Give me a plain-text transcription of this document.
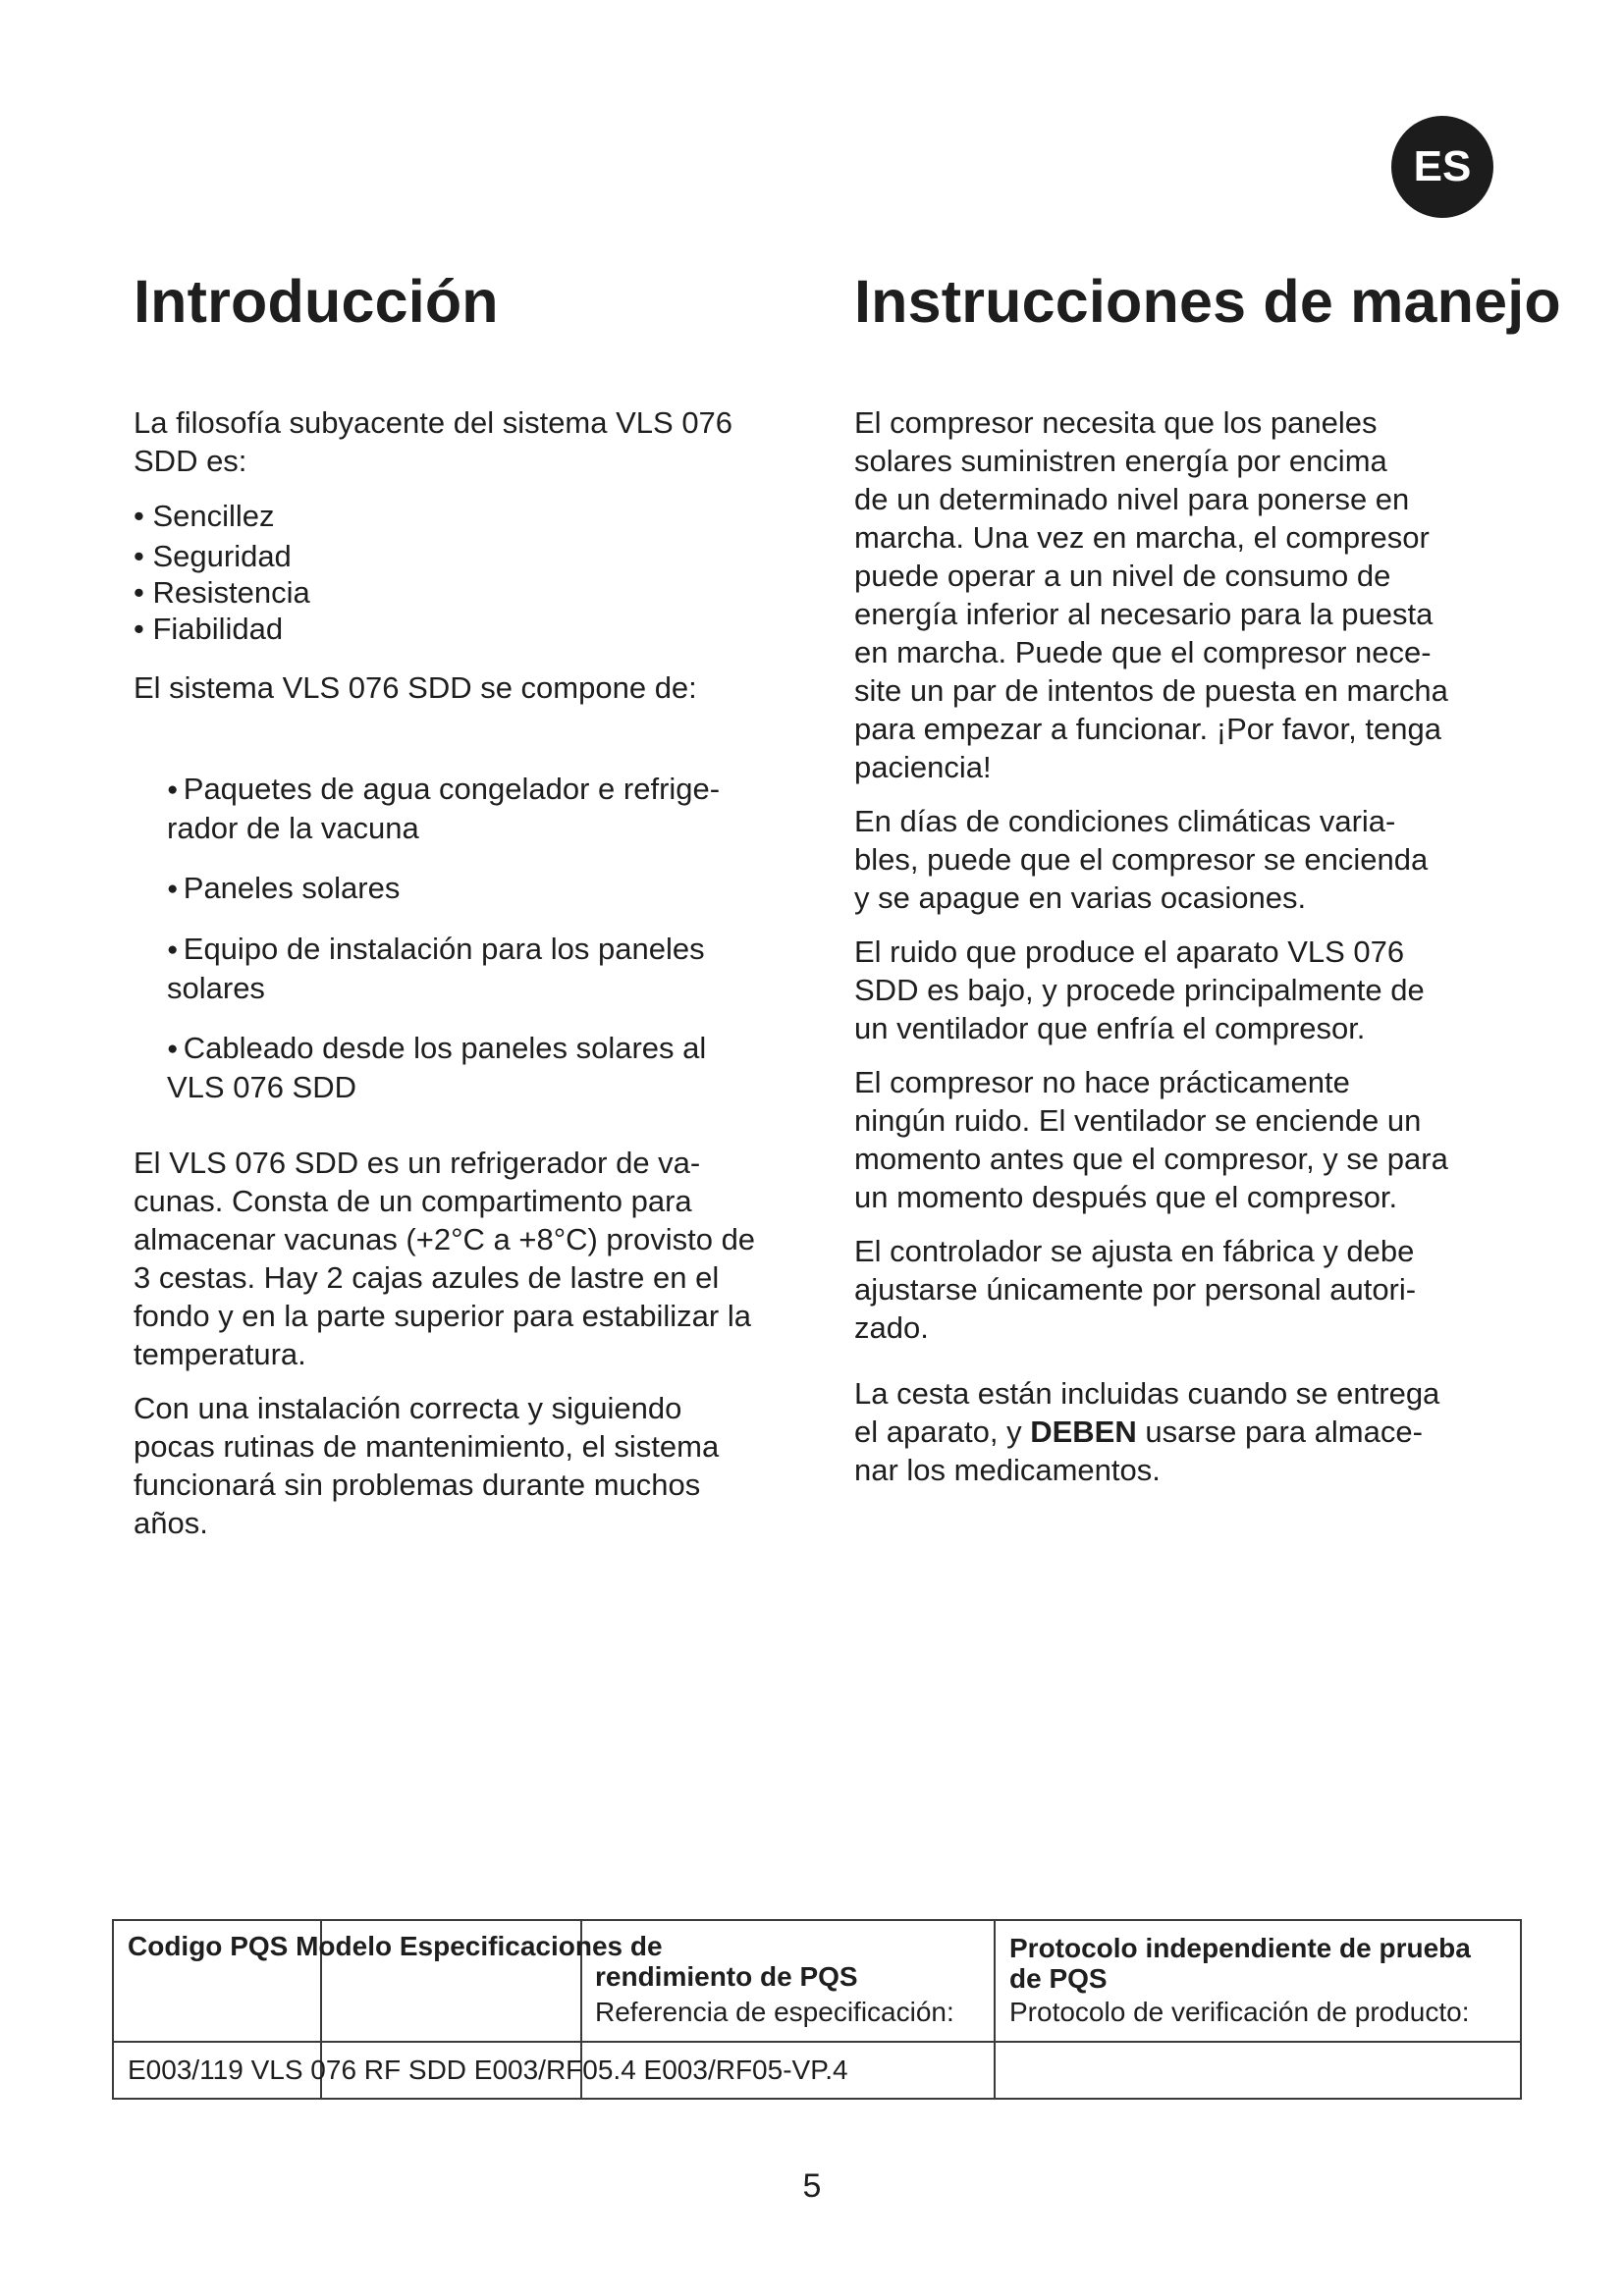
ES
Introducción	Instrucciones de manejo

La filosofía subyacente del sistema VLS 076
SDD es:

• Sencillez
• Seguridad
• Resistencia
• Fiabilidad

El sistema VLS 076 SDD se compone de:

● Paquetes de agua congelador e refrige-
rador de la vacuna
● Paneles solares
● Equipo de instalación para los paneles
solares
● Cableado desde los paneles solares al
VLS 076 SDD

El VLS 076 SDD es un refrigerador de va-
cunas. Consta de un compartimento para
almacenar vacunas (+2°C a +8°C) provisto de
3 cestas. Hay 2 cajas azules de lastre en el
fondo y en la parte superior para estabilizar la
temperatura.

Con una instalación correcta y siguiendo
pocas rutinas de mantenimiento, el sistema
funcionará sin problemas durante muchos
años.

El compresor necesita que los paneles
solares suministren energía por encima
de un determinado nivel para ponerse en
marcha. Una vez en marcha, el compresor
puede operar a un nivel de consumo de
energía inferior al necesario para la puesta
en marcha. Puede que el compresor nece-
site un par de intentos de puesta en marcha
para empezar a funcionar. ¡Por favor, tenga
paciencia!

En días de condiciones climáticas varia-
bles, puede que el compresor se encienda
y se apague en varias ocasiones.

El ruido que produce el aparato VLS 076
SDD es bajo, y procede principalmente de
un ventilador que enfría el compresor.

El compresor no hace prácticamente
ningún ruido. El ventilador se enciende un
momento antes que el compresor, y se para
un momento después que el compresor.

El controlador se ajusta en fábrica y debe
ajustarse únicamente por personal autori-
zado.

La cesta están incluidas cuando se entrega
el aparato, y DEBEN usarse para almace-
nar los medicamentos.

Codigo PQS Modelo Especificaciones de
rendimiento de PQS
Referencia de especificación:
Protocolo independiente de prueba
de PQS
Protocolo de verificación de producto:
E003/119 VLS 076 RF SDD E003/RF05.4 E003/RF05-VP.4
5
